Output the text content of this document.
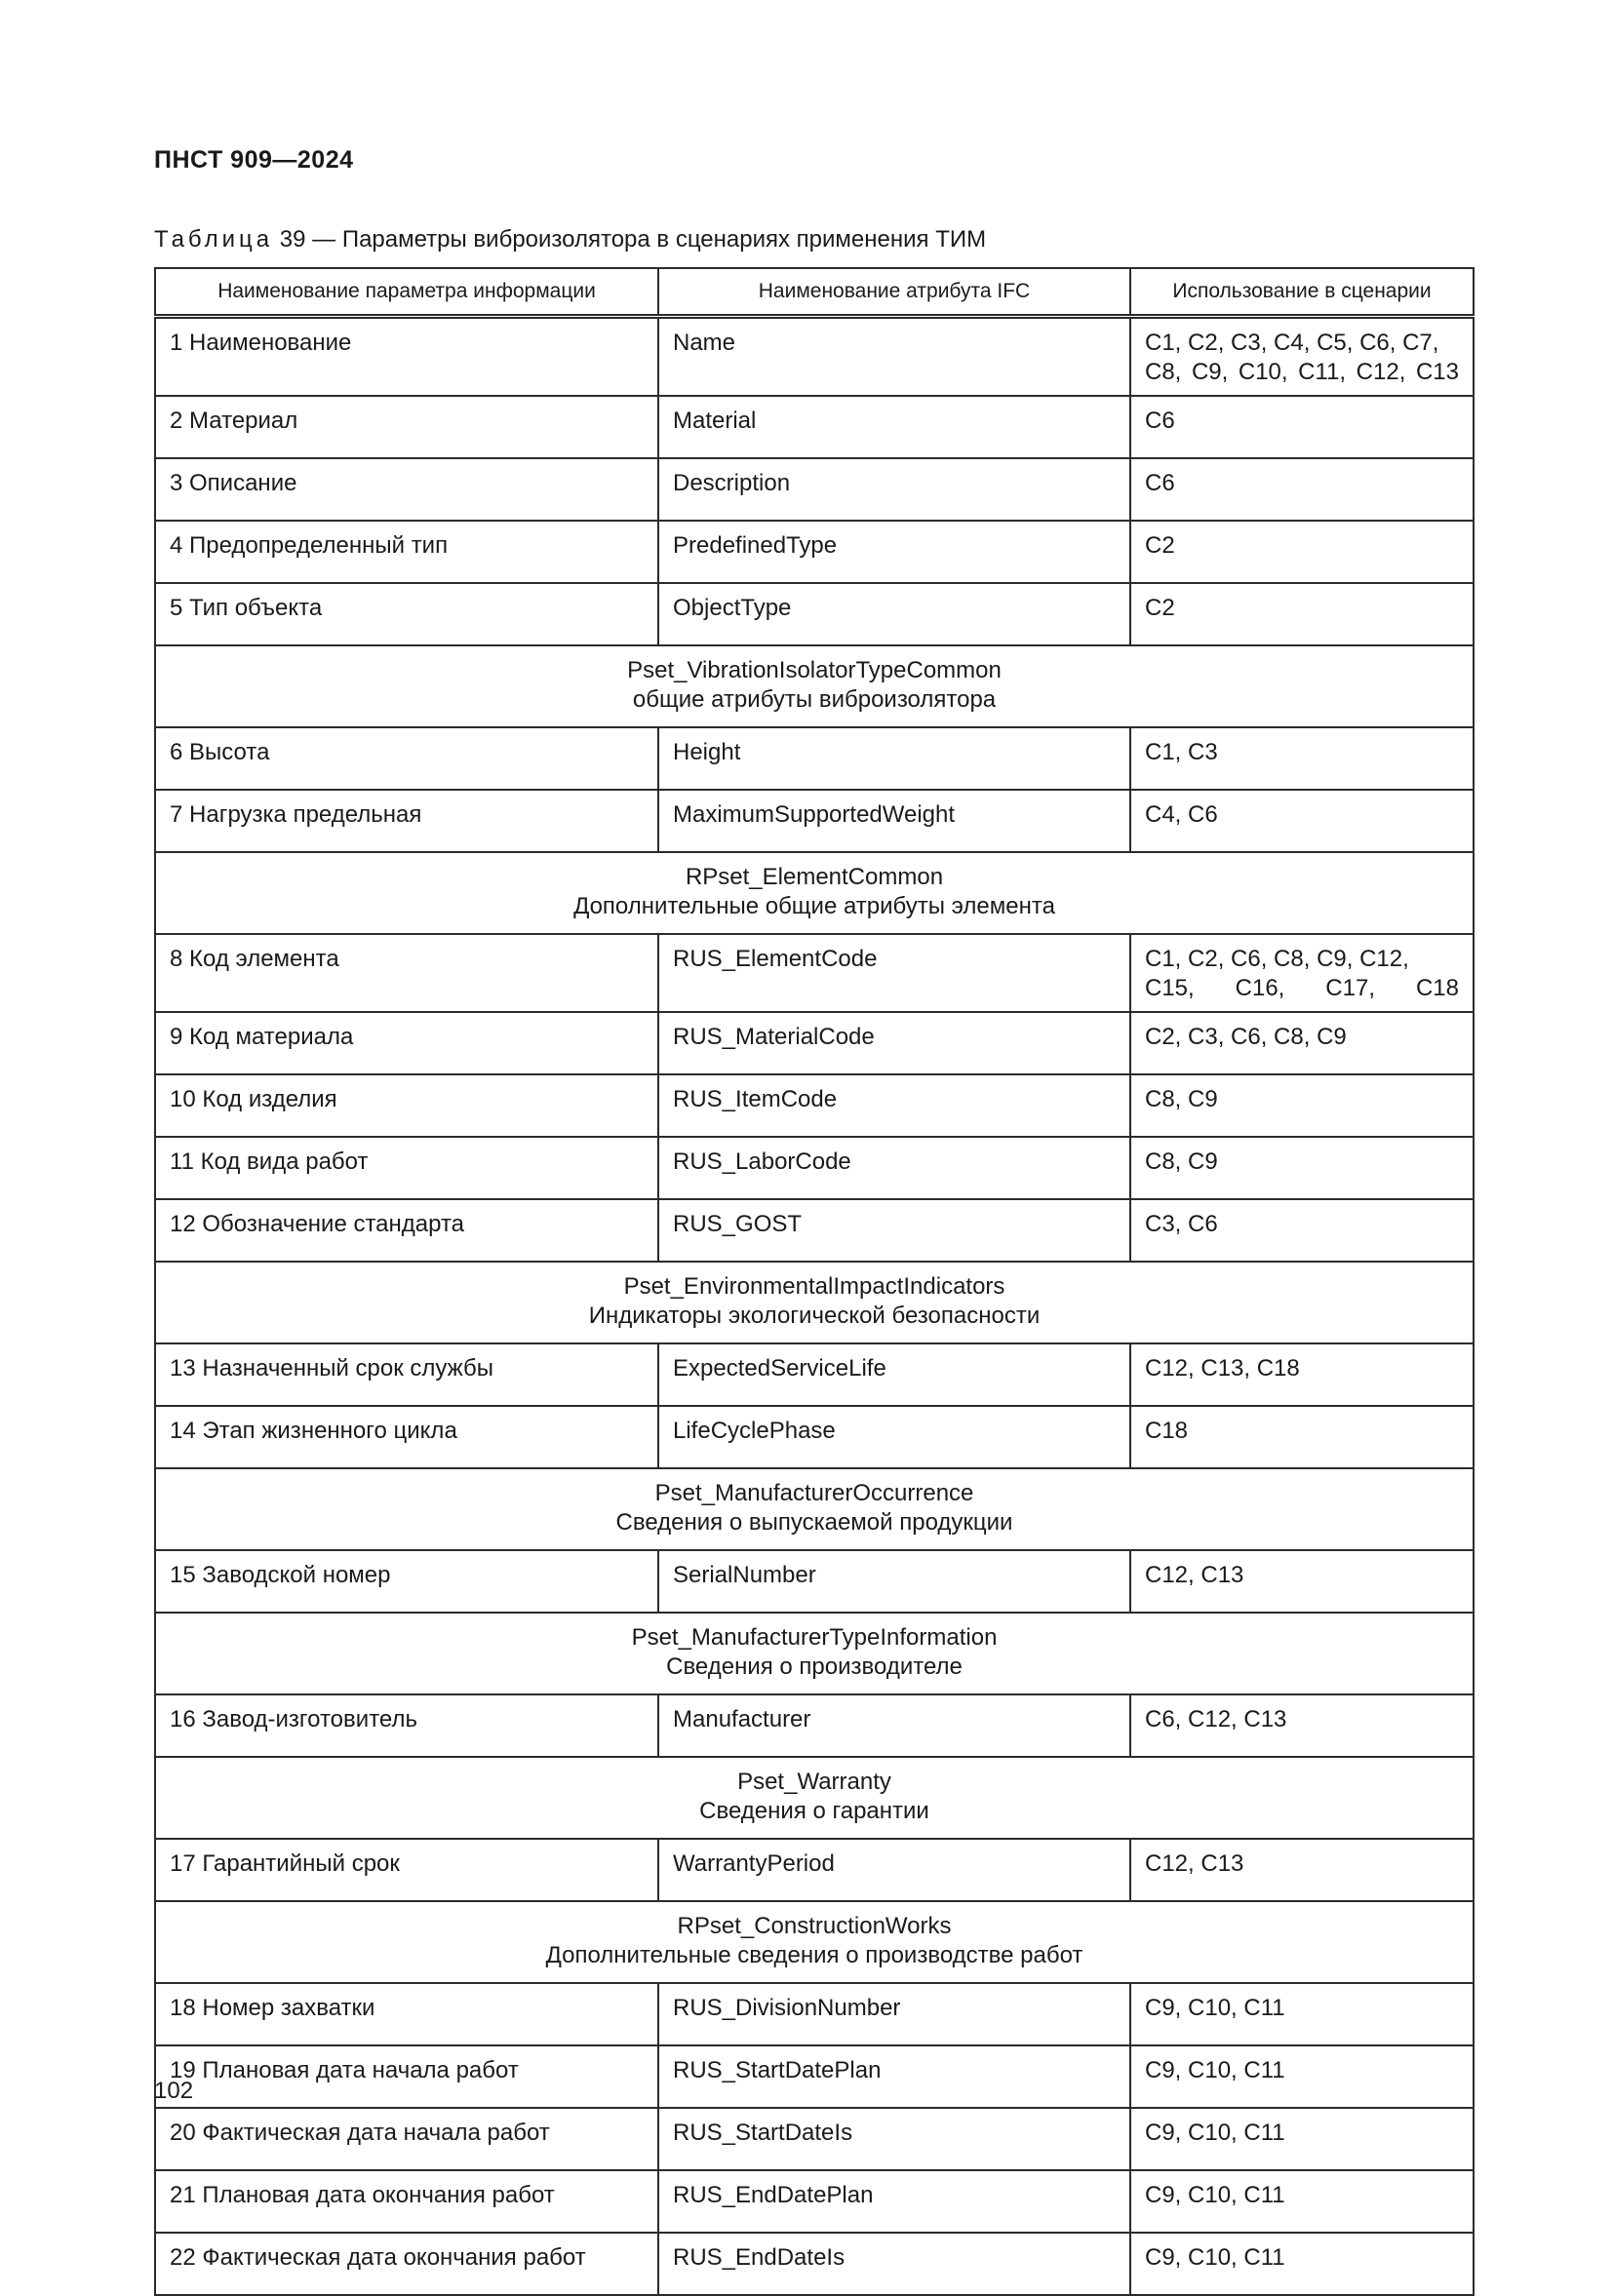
ПНСТ 909—2024
Таблица 39 — Параметры виброизолятора в сценариях применения ТИМ
Наименование параметра информации	Наименование атрибута IFC	Использование в сценарии
1 Наименование	Name	С1, С2, С3, С4, С5, С6, С7, С8, С9, С10, С11, С12, С13
2 Материал	Material	С6
3 Описание	Description	С6
4 Предопределенный тип	PredefinedType	С2
5 Тип объекта	ObjectType	С2

Pset_VibrationIsolatorTypeCommon
общие атрибуты виброизолятора		

6 Высота	Height	С1, С3
7 Нагрузка предельная	MaximumSupportedWeight	С4, С6

RPset_ElementCommon
Дополнительные общие атрибуты элемента		

8 Код элемента	RUS_ElementCode	С1, С2, С6, С8, С9, С12, С15, С16, С17, С18
9 Код материала	RUS_MaterialCode	С2, С3, С6, С8, С9
10 Код изделия	RUS_ItemCode	С8, С9
11 Код вида работ	RUS_LaborCode	С8, С9
12 Обозначение стандарта	RUS_GOST	С3, С6

Pset_EnvironmentalImpactIndicators
Индикаторы экологической безопасности		

13 Назначенный срок службы	ExpectedServiceLife	С12, С13, С18
14 Этап жизненного цикла	LifeCyclePhase	С18

Pset_ManufacturerOccurrence
Сведения о выпускаемой продукции		

15 Заводской номер	SerialNumber	С12, С13

Pset_ManufacturerTypeInformation
Сведения о производителе		

16 Завод-изготовитель	Manufacturer	С6, С12, С13

Pset_Warranty
Сведения о гарантии		

17 Гарантийный срок	WarrantyPeriod	С12, С13

RPset_ConstructionWorks
Дополнительные сведения о производстве работ		

18 Номер захватки	RUS_DivisionNumber	С9, С10, С11
19 Плановая дата начала работ	RUS_StartDatePlan	С9, С10, С11
20 Фактическая дата начала работ	RUS_StartDateIs	С9, С10, С11
21 Плановая дата окончания работ	RUS_EndDatePlan	С9, С10, С11
22 Фактическая дата окончания работ	RUS_EndDateIs	С9, С10, С11
102
